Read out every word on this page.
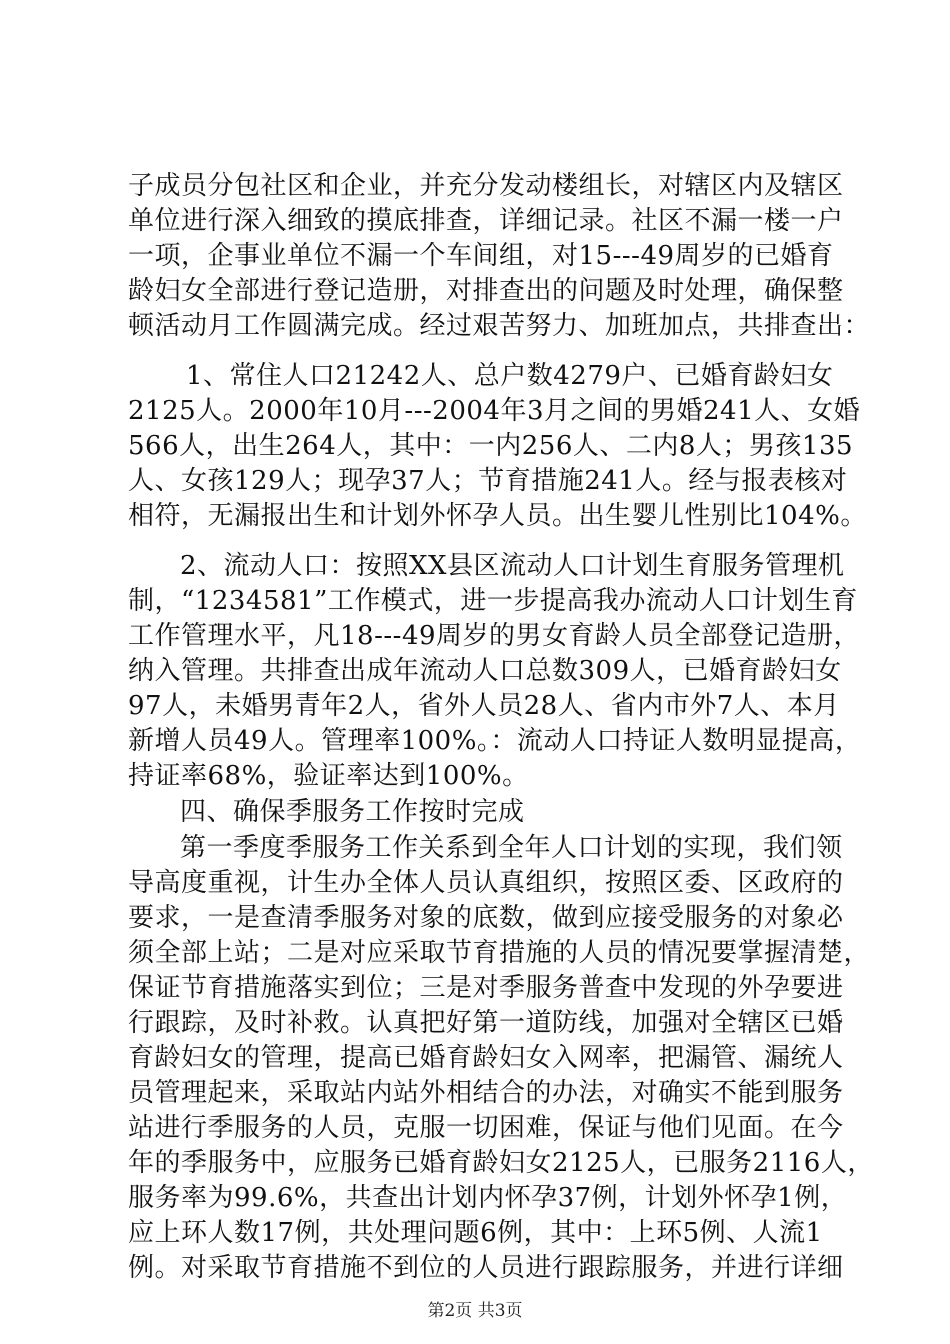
子成员分包社区和企业，并充分发动楼组长，对辖区内及辖区
单位进行深入细致的摸底排查，详细记录。社区不漏一楼一户
一项，企事业单位不漏一个车间组，对15---49周岁的已婚育
龄妇女全部进行登记造册，对排查出的问题及时处理，确保整
顿活动月工作圆满完成。经过艰苦努力、加班加点，共排查出：
1、常住人口21242人、总户数4279户、已婚育龄妇女
2125人。2000年10月---2004年3月之间的男婚241人、女婚
566人，出生264人，其中：一内256人、二内8人；男孩135
人、女孩129人；现孕37人；节育措施241人。经与报表核对
相符，无漏报出生和计划外怀孕人员。出生婴儿性别比104%。
2、流动人口：按照XX县区流动人口计划生育服务管理机
制，“1234581”工作模式，进一步提高我办流动人口计划生育
工作管理水平，凡18---49周岁的男女育龄人员全部登记造册，
纳入管理。共排查出成年流动人口总数309人，已婚育龄妇女
97人，未婚男青年2人，省外人员28人、省内市外7人、本月
新增人员49人。管理率100%。：流动人口持证人数明显提高，
持证率68%，验证率达到100%。
四、确保季服务工作按时完成
第一季度季服务工作关系到全年人口计划的实现，我们领
导高度重视，计生办全体人员认真组织，按照区委、区政府的
要求，一是查清季服务对象的底数，做到应接受服务的对象必
须全部上站；二是对应采取节育措施的人员的情况要掌握清楚，
保证节育措施落实到位；三是对季服务普查中发现的外孕要进
行跟踪，及时补救。认真把好第一道防线，加强对全辖区已婚
育龄妇女的管理，提高已婚育龄妇女入网率，把漏管、漏统人
员管理起来，采取站内站外相结合的办法，对确实不能到服务
站进行季服务的人员，克服一切困难，保证与他们见面。在今
年的季服务中，应服务已婚育龄妇女2125人，已服务2116人，
服务率为99.6%，共查出计划内怀孕37例，计划外怀孕1例，
应上环人数17例，共处理问题6例，其中：上环5例、人流1
例。对采取节育措施不到位的人员进行跟踪服务，并进行详细
第2页 共3页
